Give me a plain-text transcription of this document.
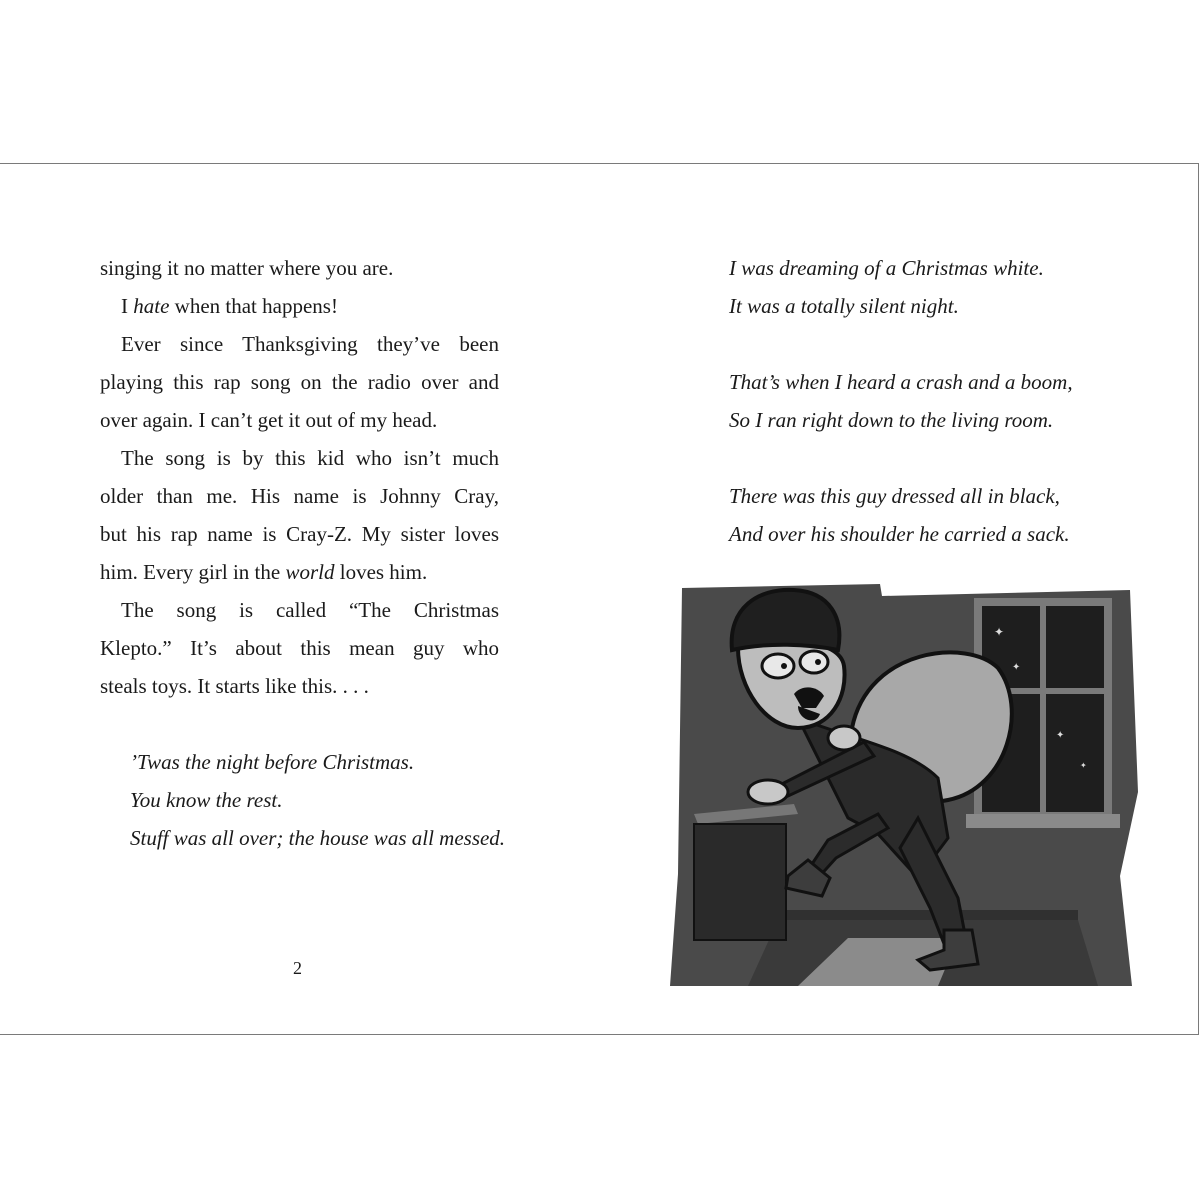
singing it no matter where you are.

I hate when that happens!

Ever since Thanksgiving they’ve been

playing this rap song on the radio over and

over again. I can’t get it out of my head.

The song is by this kid who isn’t much

older than me. His name is Johnny Cray,

but his rap name is Cray-Z. My sister loves

him. Every girl in the world loves him.

The song is called “The Christmas

Klepto.” It’s about this mean guy who

steals toys. It starts like this. . . .

’Twas the night before Christmas.

You know the rest.

Stuff was all over; the house was all messed.

2

I was dreaming of a Christmas white.

It was a totally silent night.

That’s when I heard a crash and a boom,

So I ran right down to the living room.

There was this guy dressed all in black,

And over his shoulder he carried a sack.

✦
✦
✦
✦
